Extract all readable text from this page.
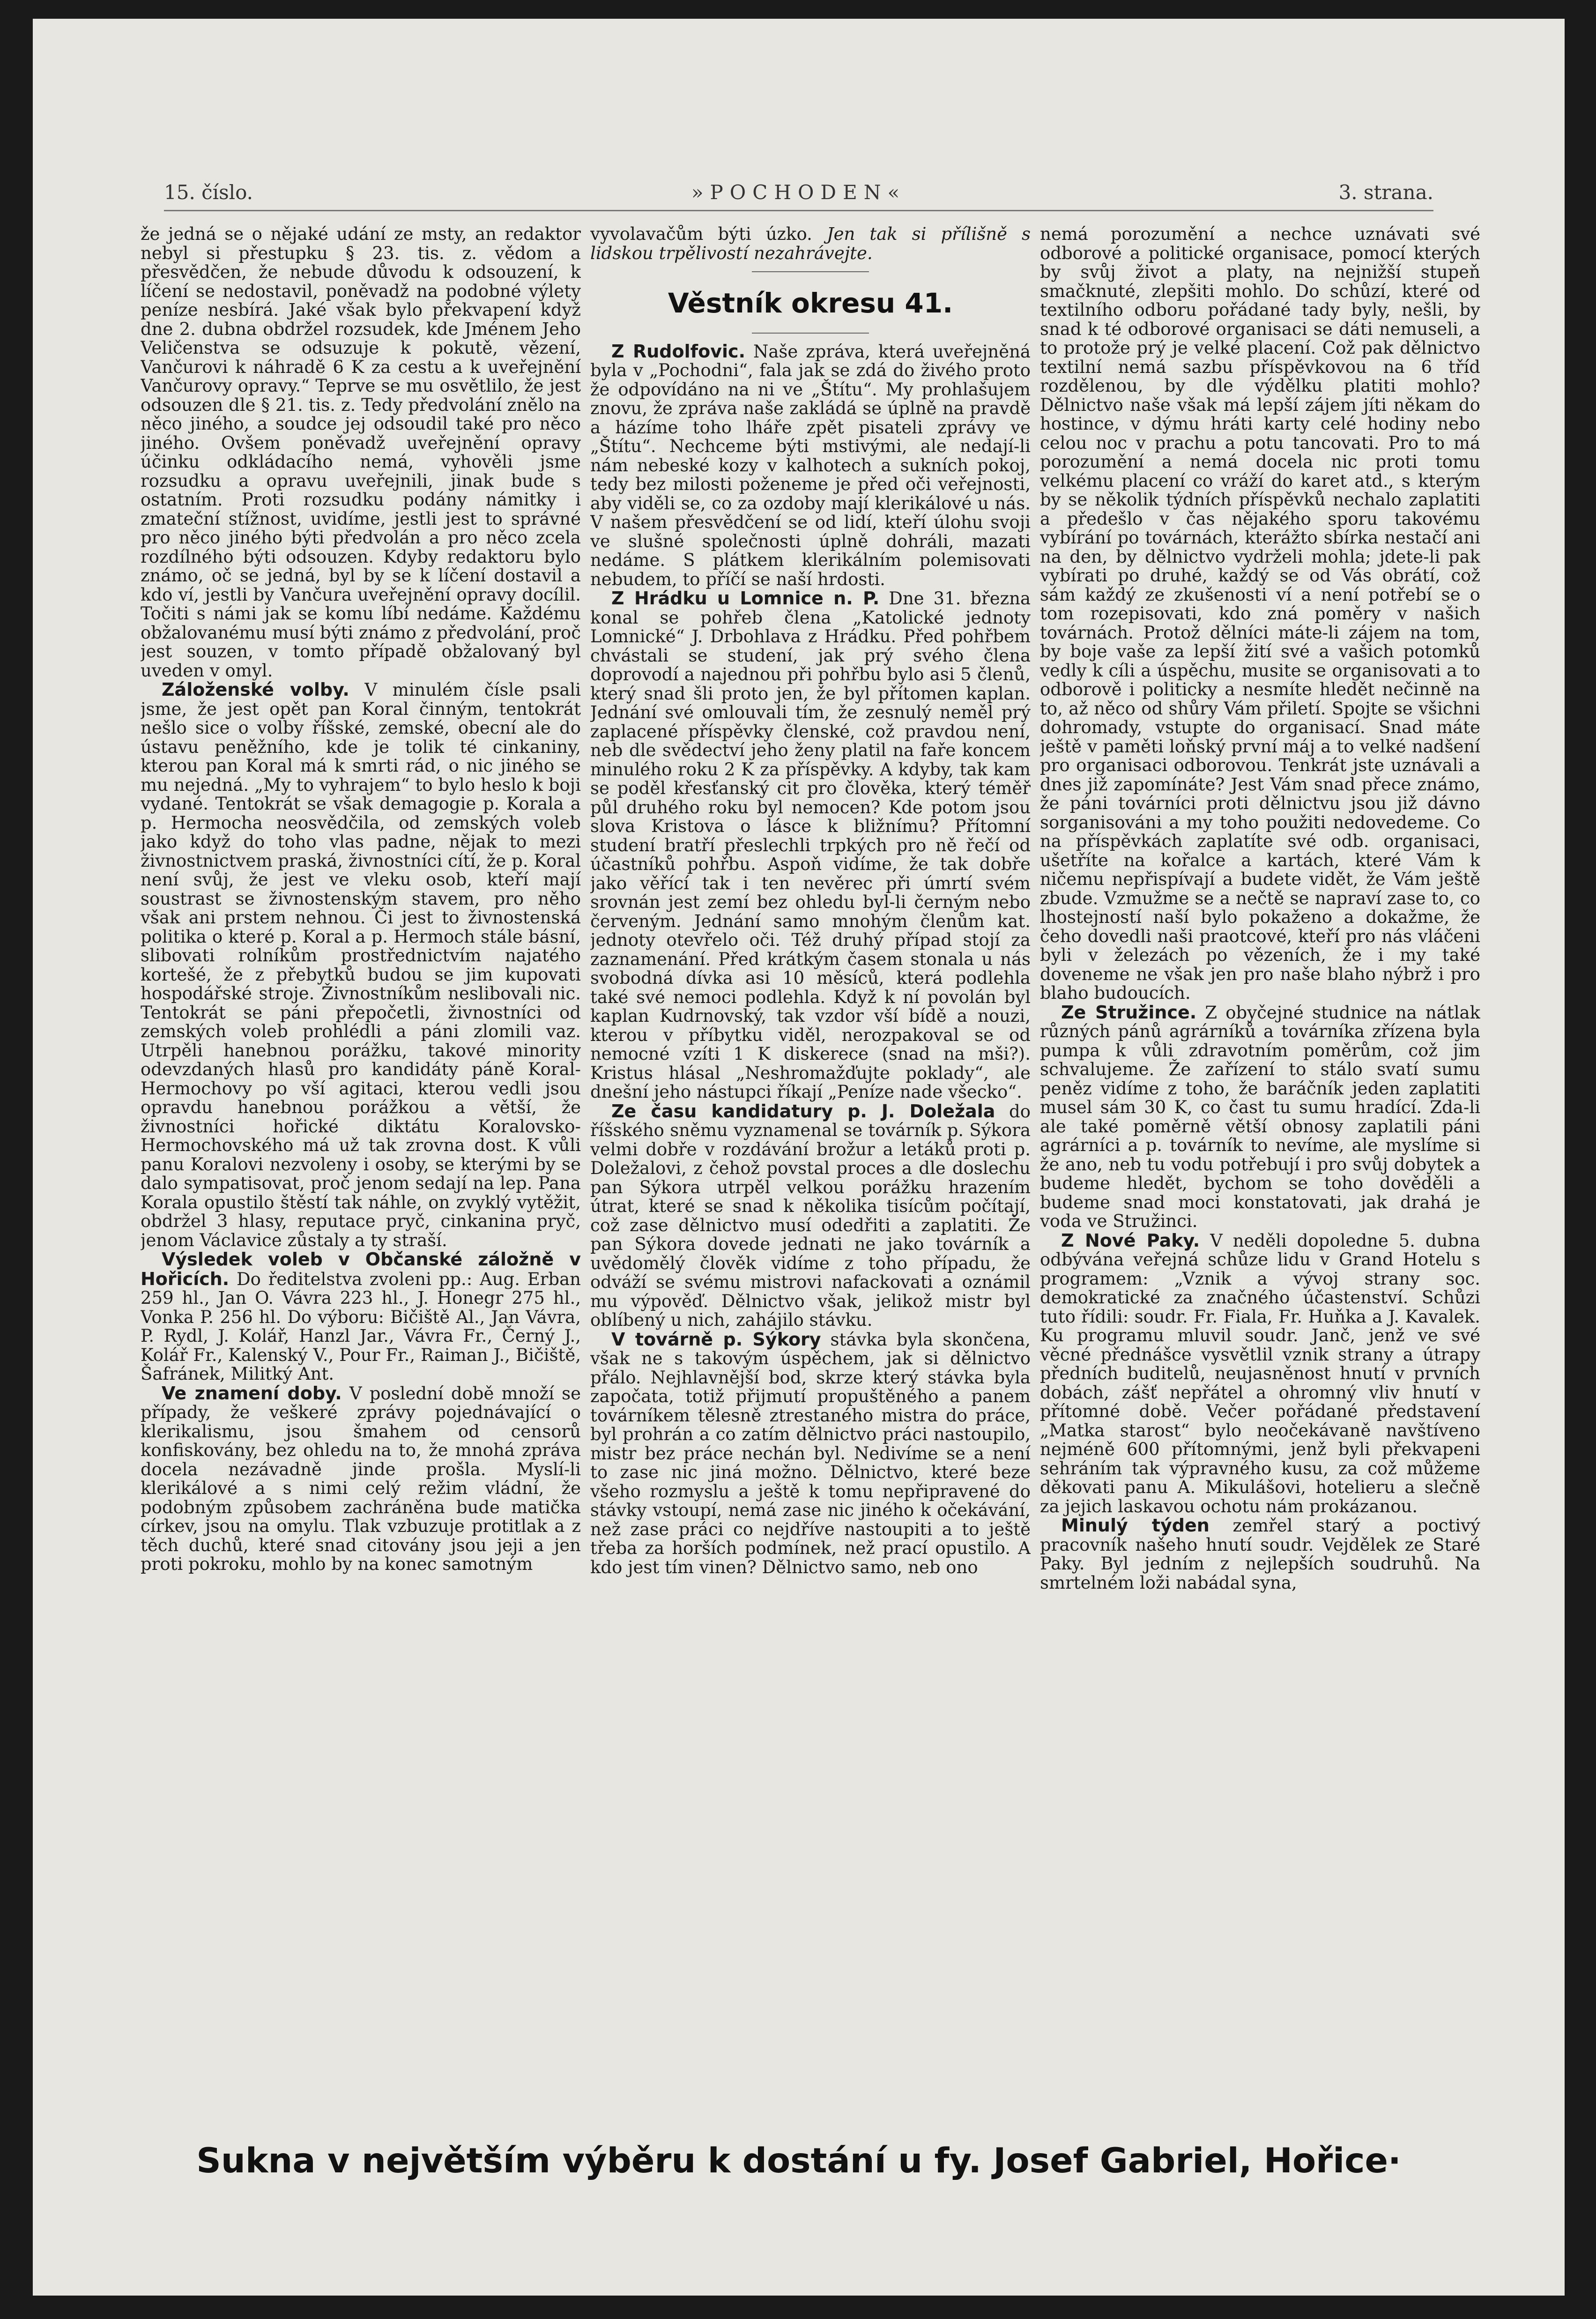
15. číslo.	»POCHODEN«	3. strana.

že jedná se o nějaké udání ze msty, an redaktor nebyl si přestupku § 23. tis. z. vědom a přesvědčen, že nebude důvodu k odsouzení, k líčení se nedostavil, poněvadž na podobné výlety peníze nesbírá. Jaké však bylo překvapení když dne 2. dubna obdržel rozsudek, kde Jménem Jeho Veličenstva se odsuzuje k pokutě, vězení, Vančurovi k náhradě 6 K za cestu a k uveřejnění Vančurovy opravy.“ Teprve se mu osvětlilo, že jest odsouzen dle § 21. tis. z. Tedy předvolání znělo na něco jiného, a soudce jej odsoudil také pro něco jiného. Ovšem poněvadž uveřejnění opravy účinku odkládacího nemá, vyhověli jsme rozsudku a opravu uveřejnili, jinak bude s ostatním. Proti rozsudku podány námitky i zmateční stížnost, uvidíme, jestli jest to správné pro něco jiného býti předvolán a pro něco zcela rozdílného býti odsouzen. Kdyby redaktoru bylo známo, oč se jedná, byl by se k líčení dostavil a kdo ví, jestli by Vančura uveřejnění opravy docílil. Točiti s námi jak se komu líbí nedáme. Každému obžalovanému musí býti známo z předvolání, proč jest souzen, v tomto případě obžalovaný byl uveden v omyl.

Záloženské volby. V minulém čísle psali jsme, že jest opět pan Koral činným, tentokrát nešlo sice o volby říšské, zemské, obecní ale do ústavu peněžního, kde je tolik té cinkaniny, kterou pan Koral má k smrti rád, o nic jiného se mu nejedná. „My to vyhrajem“ to bylo heslo k boji vydané. Tentokrát se však demagogie p. Korala a p. Hermocha neosvědčila, od zemských voleb jako když do toho vlas padne, nějak to mezi živnostnictvem praská, živnostníci cítí, že p. Koral není svůj, že jest ve vleku osob, kteří mají soustrast se živnostenským stavem, pro něho však ani prstem nehnou. Či jest to živnostenská politika o které p. Koral a p. Hermoch stále básní, slibovati rolníkům prostřednictvím najatého kortešé, že z přebytků budou se jim kupovati hospodářské stroje. Živnostníkům neslibovali nic. Tentokrát se páni přepočetli, živnostníci od zemských voleb prohlédli a páni zlomili vaz. Utrpěli hanebnou porážku, takové minority odevzdaných hlasů pro kandidáty páně Koral-Hermochovy po vší agitaci, kterou vedli jsou opravdu hanebnou porážkou a větší, že živnostníci hořické diktátu Koralovsko-Hermochovského má už tak zrovna dost. K vůli panu Koralovi nezvoleny i osoby, se kterými by se dalo sympatisovat, proč jenom sedají na lep. Pana Korala opustilo štěstí tak náhle, on zvyklý vytěžit, obdržel 3 hlasy, reputace pryč, cinkanina pryč, jenom Václavice zůstaly a ty straší.

Výsledek voleb v Občanské záložně v Hořicích. Do ředitelstva zvoleni pp.: Aug. Erban 259 hl., Jan O. Vávra 223 hl., J. Honegr 275 hl., Vonka P. 256 hl. Do výboru: Bičiště Al., Jan Vávra, P. Rydl, J. Kolář, Hanzl Jar., Vávra Fr., Černý J., Kolář Fr., Kalenský V., Pour Fr., Raiman J., Bičiště, Šafránek, Militký Ant.

Ve znamení doby. V poslední době množí se případy, že veškeré zprávy pojednávající o klerikalismu, jsou šmahem od censorů konfiskovány, bez ohledu na to, že mnohá zpráva docela nezávadně jinde prošla. Myslí-li klerikálové a s nimi celý režim vládní, že podobným způsobem zachráněna bude matička církev, jsou na omylu. Tlak vzbuzuje protitlak a z těch duchů, které snad citovány jsou jeji a jen proti pokroku, mohlo by na konec samotným

vyvolavačům býti úzko. Jen tak si přílišně s lidskou trpělivostí nezahrávejte.

Věstník okresu 41.

Z Rudolfovic. Naše zpráva, která uveřejněná byla v „Pochodni“, fala jak se zdá do živého proto že odpovídáno na ni ve „Štítu“. My prohlašujem znovu, že zpráva naše zakládá se úplně na pravdě a házíme toho lháře zpět pisateli zprávy ve „Štítu“. Nechceme býti mstivými, ale nedají-li nám nebeské kozy v kalhotech a sukních pokoj, tedy bez milosti poženeme je před oči veřejnosti, aby viděli se, co za ozdoby mají klerikálové u nás. V našem přesvědčení se od lidí, kteří úlohu svoji ve slušné společnosti úplně dohráli, mazati nedáme. S plátkem klerikálním polemisovati nebudem, to příčí se naší hrdosti.

Z Hrádku u Lomnice n. P. Dne 31. března konal se pohřeb člena „Katolické jednoty Lomnické“ J. Drbohlava z Hrádku. Před pohřbem chvástali se studení, jak prý svého člena doprovodí a najednou při pohřbu bylo asi 5 členů, který snad šli proto jen, že byl přítomen kaplan. Jednání své omlouvali tím, že zesnulý neměl prý zaplacené příspěvky členské, což pravdou není, neb dle svědectví jeho ženy platil na faře koncem minulého roku 2 K za příspěvky. A kdyby, tak kam se poděl křesťanský cit pro člověka, který téměř půl druhého roku byl nemocen? Kde potom jsou slova Kristova o lásce k bližnímu? Přítomní studení bratří přeslechli trpkých pro ně řečí od účastníků pohřbu. Aspoň vidíme, že tak dobře jako věřící tak i ten nevěrec při úmrtí svém srovnán jest zemí bez ohledu byl-li černým nebo červeným. Jednání samo mnohým členům kat. jednoty otevřelo oči. Též druhý případ stojí za zaznamenání. Před krátkým časem stonala u nás svobodná dívka asi 10 měsíců, která podlehla také své nemoci podlehla. Když k ní povolán byl kaplan Kudrnovský, tak vzdor vší bídě a nouzi, kterou v příbytku viděl, nerozpakoval se od nemocné vzíti 1 K diskerece (snad na mši?). Kristus hlásal „Neshromažďujte poklady“, ale dnešní jeho nástupci říkají „Peníze nade všecko“.

Ze času kandidatury p. J. Doležala do říšského sněmu vyznamenal se továrník p. Sýkora velmi dobře v rozdávání brožur a letáků proti p. Doležalovi, z čehož povstal proces a dle doslechu pan Sýkora utrpěl velkou porážku hrazením útrat, které se snad k několika tisícům počítají, což zase dělnictvo musí odedřiti a zaplatiti. Že pan Sýkora dovede jednati ne jako továrník a uvědomělý člověk vidíme z toho případu, že odváží se svému mistrovi nafackovati a oznámil mu výpověď. Dělnictvo však, jelikož mistr byl oblíbený u nich, zahájilo stávku.

V továrně p. Sýkory stávka byla skončena, však ne s takovým úspěchem, jak si dělnictvo přálo. Nejhlavnější bod, skrze který stávka byla započata, totiž přijmutí propuštěného a panem továrníkem tělesně ztrestaného mistra do práce, byl prohrán a co zatím dělnictvo práci nastoupilo, mistr bez práce nechán byl. Nedivíme se a není to zase nic jiná možno. Dělnictvo, které beze všeho rozmyslu a ještě k tomu nepřipravené do stávky vstoupí, nemá zase nic jiného k očekávání, než zase práci co nejdříve nastoupiti a to ještě třeba za horších podmínek, než prací opustilo. A kdo jest tím vinen? Dělnictvo samo, neb ono

nemá porozumění a nechce uznávati své odborové a politické organisace, pomocí kterých by svůj život a platy, na nejnižší stupeň smačknuté, zlepšiti mohlo. Do schůzí, které od textilního odboru pořádané tady byly, nešli, by snad k té odborové organisaci se dáti nemuseli, a to protože prý je velké placení. Což pak dělnictvo textilní nemá sazbu příspěvkovou na 6 tříd rozdělenou, by dle výdělku platiti mohlo? Dělnictvo naše však má lepší zájem jíti někam do hostince, v dýmu hráti karty celé hodiny nebo celou noc v prachu a potu tancovati. Pro to má porozumění a nemá docela nic proti tomu velkému placení co vráží do karet atd., s kterým by se několik týdních příspěvků nechalo zaplatiti a předešlo v čas nějakého sporu takovému vybírání po továrnách, kterážto sbírka nestačí ani na den, by dělnictvo vydrželi mohla; jdete-li pak vybírati po druhé, každý se od Vás obrátí, což sám každý ze zkušenosti ví a není potřebí se o tom rozepisovati, kdo zná poměry v našich továrnách. Protož dělníci máte-li zájem na tom, by boje vaše za lepší žití své a vašich potomků vedly k cíli a úspěchu, musite se organisovati a to odborově i politicky a nesmíte hledět nečinně na to, až něco od shůry Vám přiletí. Spojte se všichni dohromady, vstupte do organisací. Snad máte ještě v paměti loňský první máj a to velké nadšení pro organisaci odborovou. Tenkrát jste uznávali a dnes již zapomínáte? Jest Vám snad přece známo, že páni továrníci proti dělnictvu jsou již dávno sorganisováni a my toho použiti nedovedeme. Co na příspěvkách zaplatíte své odb. organisaci, ušetříte na kořalce a kartách, které Vám k ničemu nepřispívají a budete vidět, že Vám ještě zbude. Vzmužme se a nečtě se napraví zase to, co lhostejností naší bylo pokaženo a dokažme, že čeho dovedli naši praotcové, kteří pro nás vláčeni byli v železách po vězeních, že i my také doveneme ne však jen pro naše blaho nýbrž i pro blaho budoucích.

Ze Stružince. Z obyčejné studnice na nátlak různých pánů agrárníků a továrníka zřízena byla pumpa k vůli zdravotním poměrům, což jim schvalujeme. Že zařízení to stálo svatí sumu peněz vidíme z toho, že baráčník jeden zaplatiti musel sám 30 K, co čast tu sumu hradící. Zda-li ale také poměrně větší obnosy zaplatili páni agrárníci a p. továrník to nevíme, ale myslíme si že ano, neb tu vodu potřebují i pro svůj dobytek a budeme hledět, bychom se toho dověděli a budeme snad moci konstatovati, jak drahá je voda ve Stružinci.

Z Nové Paky. V neděli dopoledne 5. dubna odbývána veřejná schůze lidu v Grand Hotelu s programem: „Vznik a vývoj strany soc. demokratické za značného účastenství. Schůzi tuto řídili: soudr. Fr. Fiala, Fr. Huňka a J. Kavalek. Ku programu mluvil soudr. Janč, jenž ve své věcné přednášce vysvětlil vznik strany a útrapy předních buditelů, neujasněnost hnutí v prvních dobách, zášť nepřátel a ohromný vliv hnutí v přítomné době. Večer pořádané představení „Matka starost“ bylo neočekávaně navštíveno nejméně 600 přítomnými, jenž byli překvapeni sehráním tak výpravného kusu, za což můžeme děkovati panu A. Mikulášovi, hotelieru a slečně za jejich laskavou ochotu nám prokázanou.

Minulý týden zemřel starý a poctivý pracovník našeho hnutí soudr. Vejdělek ze Staré Paky. Byl jedním z nejlepších soudruhů. Na smrtelném loži nabádal syna,

Sukna v největším výběru k dostání u fy. Josef Gabriel, Hořice·
